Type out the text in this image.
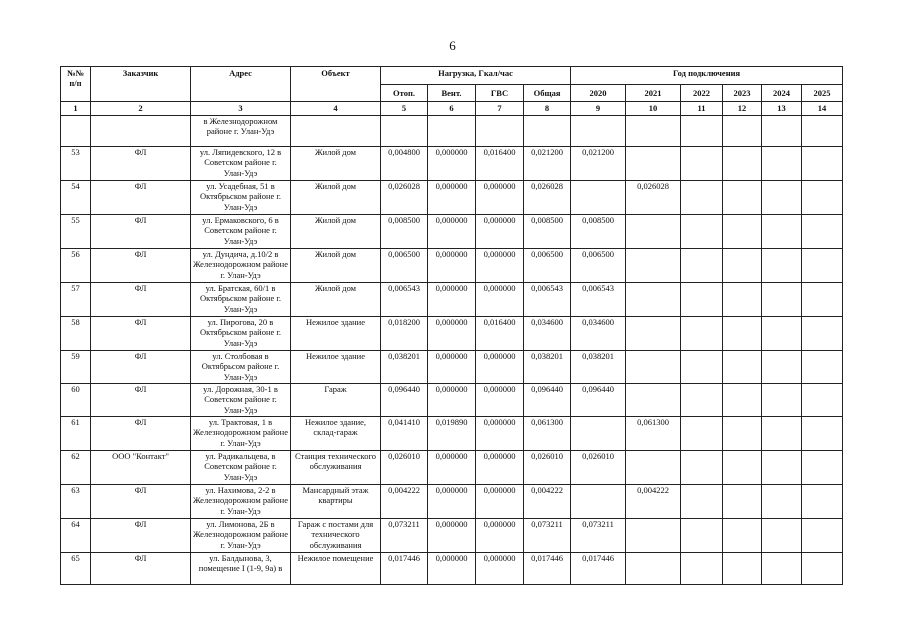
6
№№ п/п	Заказчик	Адрес	Объект	Нагрузка, Гкал/час				Год подключения					
				Отоп.	Вент.	ГВС	Общая	2020	2021	2022	2023	2024	2025
1	2	3	4	5	6	7	8	9	10	11	12	13	14
		в Железнодорожном районе г. Улан-Удэ											
53	ФЛ	ул. Ляпидевского, 12 в Советском районе г. Улан-Удэ	Жилой дом	0,004800	0,000000	0,016400	0,021200	0,021200					
54	ФЛ	ул. Усадебная, 51 в Октябрьском районе г. Улан-Удэ	Жилой дом	0,026028	0,000000	0,000000	0,026028		0,026028				
55	ФЛ	ул. Ермаковского, 6 в Советском районе г. Улан-Удэ	Жилой дом	0,008500	0,000000	0,000000	0,008500	0,008500					
56	ФЛ	ул. Дундича, д.10/2 в Железнодорожном районе г. Улан-Удэ	Жилой дом	0,006500	0,000000	0,000000	0,006500	0,006500					
57	ФЛ	ул. Братская, 60/1 в Октябрьском районе г. Улан-Удэ	Жилой дом	0,006543	0,000000	0,000000	0,006543	0,006543					
58	ФЛ	ул. Пирогова, 20 в Октябрьском районе г. Улан-Удэ	Нежилое здание	0,018200	0,000000	0,016400	0,034600	0,034600					
59	ФЛ	ул. Столбовая в Октябрьсом районе г. Улан-Удэ	Нежилое здание	0,038201	0,000000	0,000000	0,038201	0,038201					
60	ФЛ	ул. Дорожная, 30-1 в Советском районе г. Улан-Удэ	Гараж	0,096440	0,000000	0,000000	0,096440	0,096440					
61	ФЛ	ул. Трактовая, 1 в Железнодорожном районе г. Улан-Удэ	Нежилое здание, склад-гараж	0,041410	0,019890	0,000000	0,061300		0,061300				
62	ООО "Контакт"	ул. Радикальцева, в Советском районе г. Улан-Удэ	Станция технического обслуживания	0,026010	0,000000	0,000000	0,026010	0,026010					
63	ФЛ	ул. Нахимова, 2-2 в Железнодорожном районе г. Улан-Удэ	Мансардный этаж квартиры	0,004222	0,000000	0,000000	0,004222		0,004222				
64	ФЛ	ул. Лимонова, 2Б в Железнодорожном районе г. Улан-Удэ	Гараж с постами для технического обслуживания	0,073211	0,000000	0,000000	0,073211	0,073211					
65	ФЛ	ул. Балдынова, 3, помещение I (1-9, 9а) в	Нежилое помещение	0,017446	0,000000	0,000000	0,017446	0,017446					
